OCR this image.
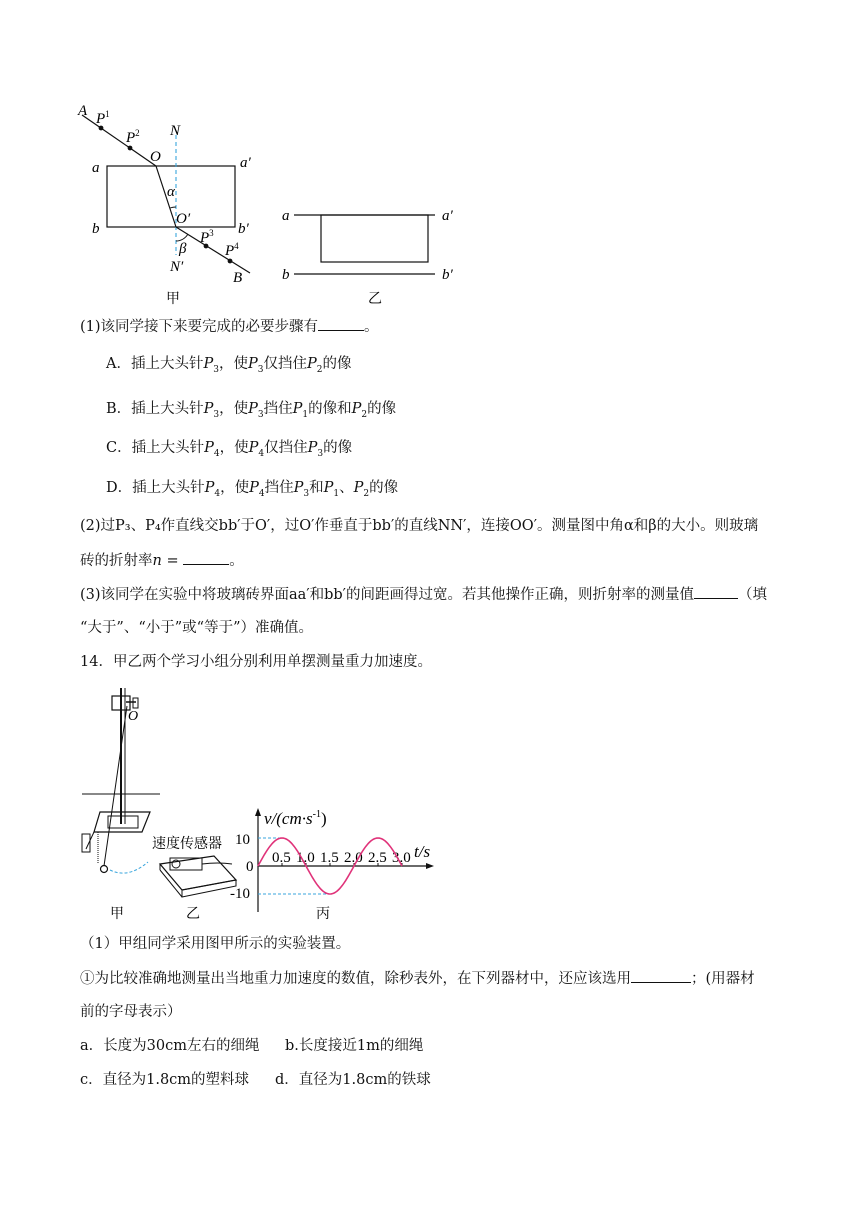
A $P^1$
$P^2$ N
O
a	a′
α
O′
b	b′
$P^3$
β	$P^4$
N′
B
甲
a	a′
b	b′
乙
(1)该同学接下来要完成的必要步骤有	。
A．插上大头针$P_3$，使$P_3$仅挡住$P_2$的像
B．插上大头针$P_3$，使$P_3$挡住$P_1$的像和$P_2$的像
C．插上大头针$P_4$，使$P_4$仅挡住$P_3$的像
D．插上大头针$P_4$，使$P_4$挡住$P_3$和$P_1$、$P_2$的像
(2)过P₃、P₄作直线交bb′于O′，过O′作垂直于bb′的直线NN′，连接OO′。测量图中角α和β的大小。则玻璃
砖的折射率n =	。
(3)该同学在实验中将玻璃砖界面aa′和bb′的间距画得过宽。若其他操作正确，则折射率的测量值	（填
“大于”、“小于”或“等于”）准确值。
14．甲乙两个学习小组分别利用单摆测量重力加速度。
O
甲
速度传感器
乙
$v/(cm\cdot s^{-1})$
t/s
10
0
-10
丙
0.5 1.0 1.5 2.0 2.5 3.0
（1）甲组同学采用图甲所示的实验装置。
①为比较准确地测量出当地重力加速度的数值，除秒表外，在下列器材中，还应该选用	；(用器材
前的字母表示）
a．长度为30cm左右的细绳 b.长度接近1m的细绳
c．直径为1.8cm的塑料球 d．直径为1.8cm的铁球
